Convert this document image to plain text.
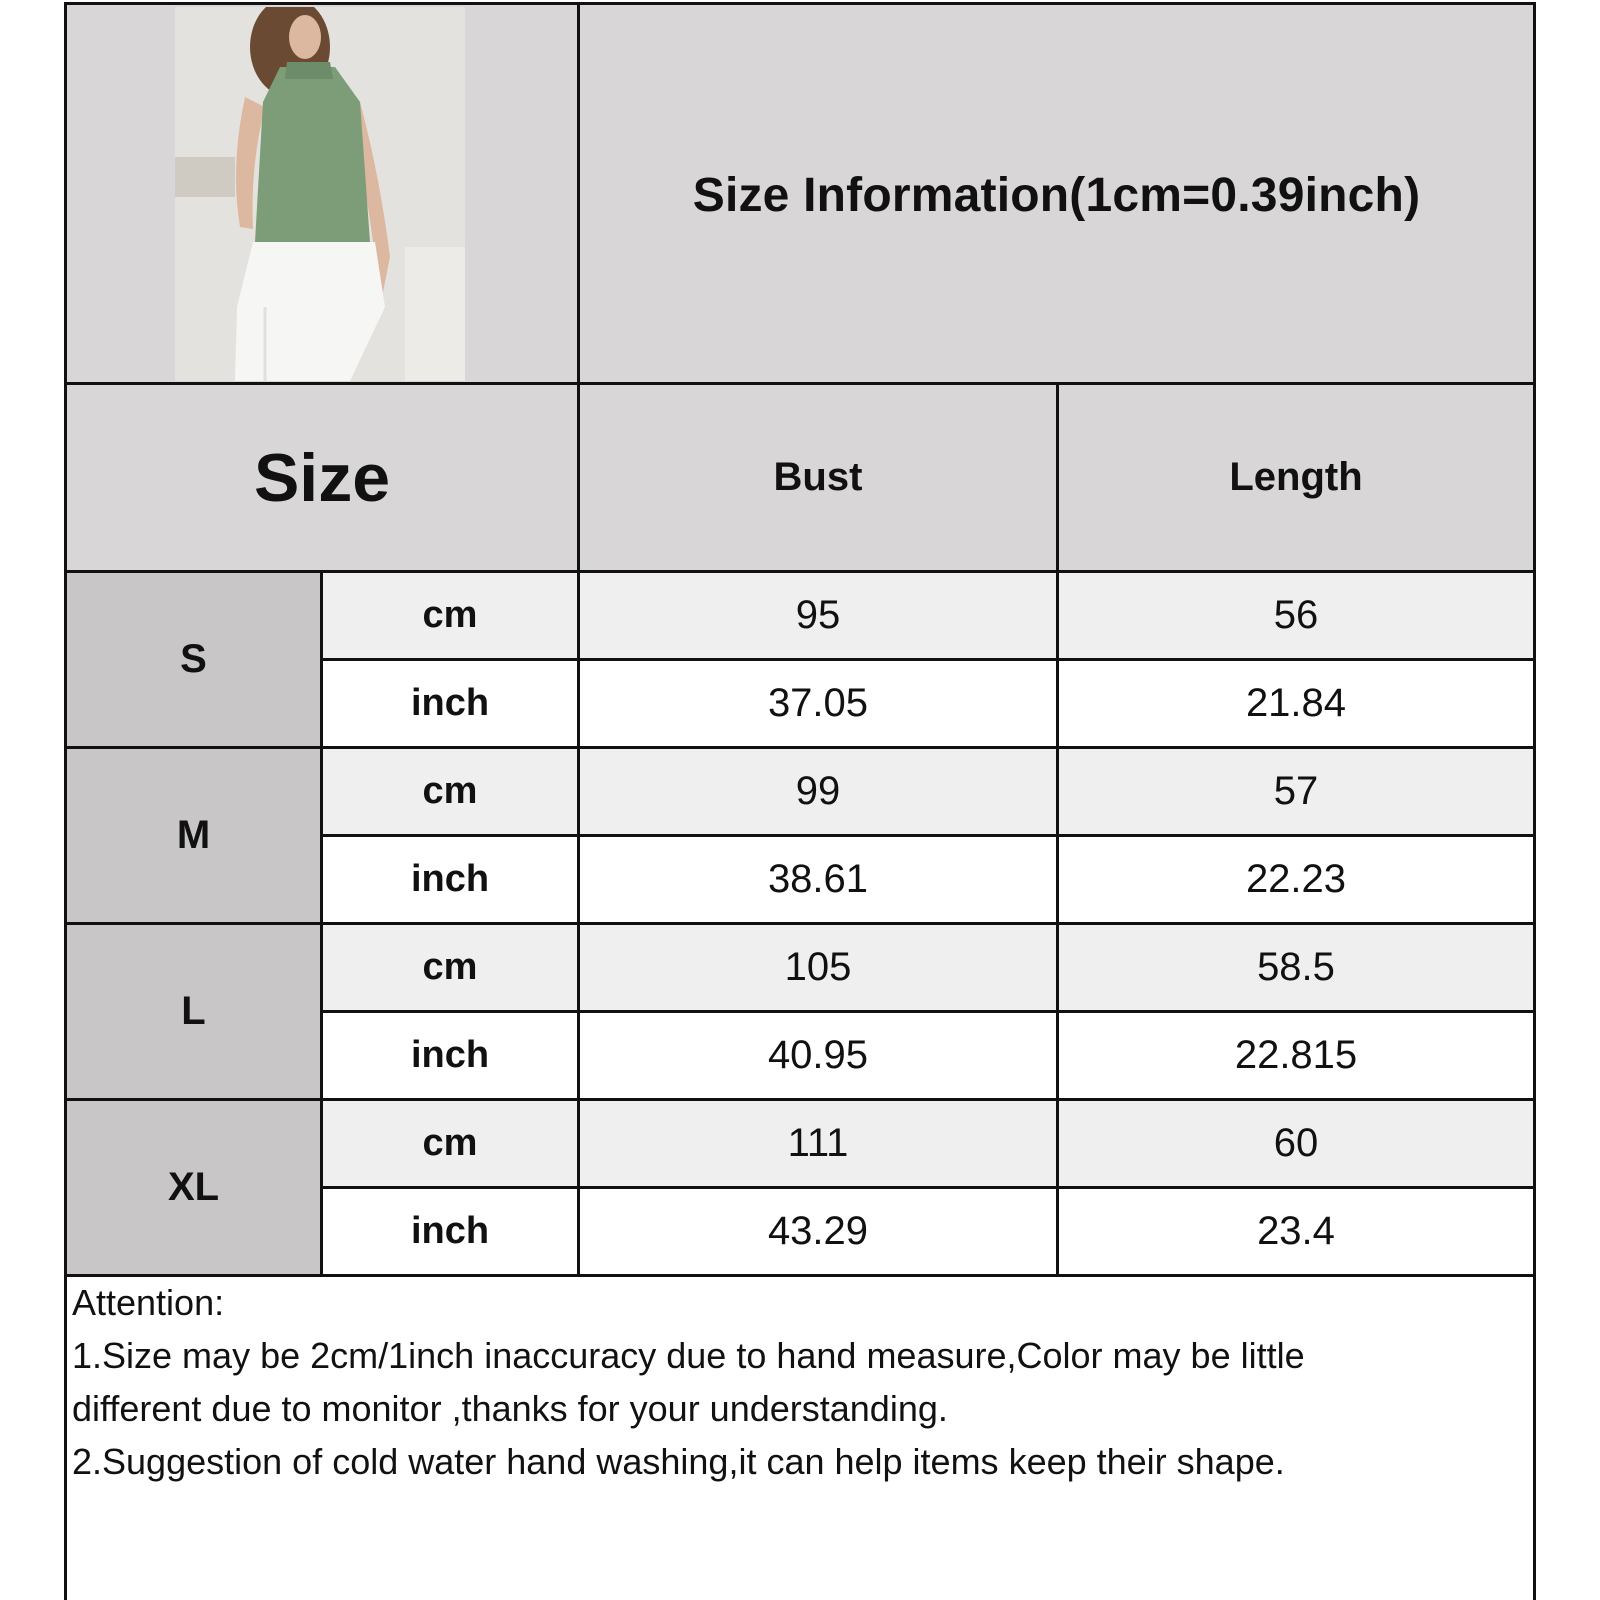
Size Information(1cm=0.39inch)
Size	Bust	Length
S
cm	95	56
inch	37.05	21.84
M
cm	99	57
inch	38.61	22.23
L
cm	105	58.5
inch	40.95	22.815
XL
cm	111	60
inch	43.29	23.4
Attention:
1.Size may be 2cm/1inch inaccuracy due to hand measure,Color may be little
different due to monitor ,thanks for your understanding.
2.Suggestion of cold water hand washing,it can help items keep their shape.
